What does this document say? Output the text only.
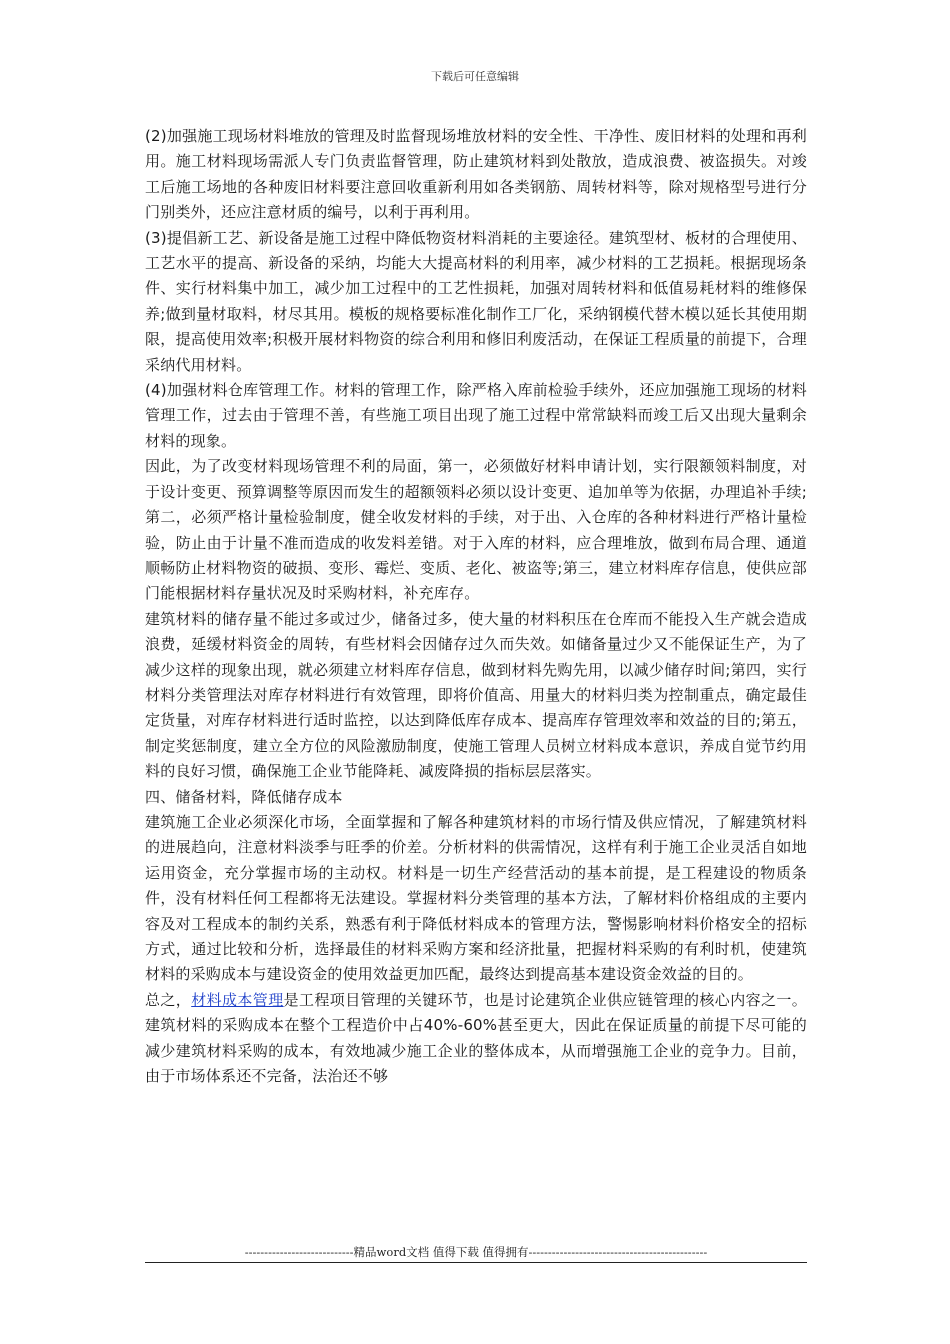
下载后可任意编辑

(2)加强施工现场材料堆放的管理及时监督现场堆放材料的安全性、干净性、废旧材料的处理和再利用。施工材料现场需派人专门负责监督管理，防止建筑材料到处散放，造成浪费、被盗损失。对竣工后施工场地的各种废旧材料要注意回收重新利用如各类钢筋、周转材料等，除对规格型号进行分门别类外，还应注意材质的编号，以利于再利用。

(3)提倡新工艺、新设备是施工过程中降低物资材料消耗的主要途径。建筑型材、板材的合理使用、工艺水平的提高、新设备的采纳，均能大大提高材料的利用率，减少材料的工艺损耗。根据现场条件、实行材料集中加工，减少加工过程中的工艺性损耗，加强对周转材料和低值易耗材料的维修保养;做到量材取料，材尽其用。模板的规格要标准化制作工厂化，采纳钢模代替木模以延长其使用期限，提高使用效率;积极开展材料物资的综合利用和修旧利废活动，在保证工程质量的前提下，合理采纳代用材料。

(4)加强材料仓库管理工作。材料的管理工作，除严格入库前检验手续外，还应加强施工现场的材料管理工作，过去由于管理不善，有些施工项目出现了施工过程中常常缺料而竣工后又出现大量剩余材料的现象。

因此，为了改变材料现场管理不利的局面，第一，必须做好材料申请计划，实行限额领料制度，对于设计变更、预算调整等原因而发生的超额领料必须以设计变更、追加单等为依据，办理追补手续;第二，必须严格计量检验制度，健全收发材料的手续，对于出、入仓库的各种材料进行严格计量检验，防止由于计量不准而造成的收发料差错。对于入库的材料，应合理堆放，做到布局合理、通道顺畅防止材料物资的破损、变形、霉烂、变质、老化、被盗等;第三，建立材料库存信息，使供应部门能根据材料存量状况及时采购材料，补充库存。

建筑材料的储存量不能过多或过少，储备过多，使大量的材料积压在仓库而不能投入生产就会造成浪费，延缓材料资金的周转，有些材料会因储存过久而失效。如储备量过少又不能保证生产，为了减少这样的现象出现，就必须建立材料库存信息，做到材料先购先用，以减少储存时间;第四，实行材料分类管理法对库存材料进行有效管理，即将价值高、用量大的材料归类为控制重点，确定最佳定货量，对库存材料进行适时监控，以达到降低库存成本、提高库存管理效率和效益的目的;第五，制定奖惩制度，建立全方位的风险激励制度，使施工管理人员树立材料成本意识，养成自觉节约用料的良好习惯，确保施工企业节能降耗、减废降损的指标层层落实。

四、储备材料，降低储存成本

建筑施工企业必须深化市场，全面掌握和了解各种建筑材料的市场行情及供应情况，了解建筑材料的进展趋向，注意材料淡季与旺季的价差。分析材料的供需情况，这样有利于施工企业灵活自如地运用资金，充分掌握市场的主动权。材料是一切生产经营活动的基本前提，是工程建设的物质条件，没有材料任何工程都将无法建设。掌握材料分类管理的基本方法，了解材料价格组成的主要内容及对工程成本的制约关系，熟悉有利于降低材料成本的管理方法，警惕影响材料价格安全的招标方式，通过比较和分析，选择最佳的材料采购方案和经济批量，把握材料采购的有利时机，使建筑材料的采购成本与建设资金的使用效益更加匹配，最终达到提高基本建设资金效益的目的。

总之，材料成本管理是工程项目管理的关键环节，也是讨论建筑企业供应链管理的核心内容之一。建筑材料的采购成本在整个工程造价中占40%-60%甚至更大，因此在保证质量的前提下尽可能的减少建筑材料采购的成本，有效地减少施工企业的整体成本，从而增强施工企业的竞争力。目前，由于市场体系还不完备，法治还不够

----------------------------精品word文档 值得下载 值得拥有----------------------------------------------
